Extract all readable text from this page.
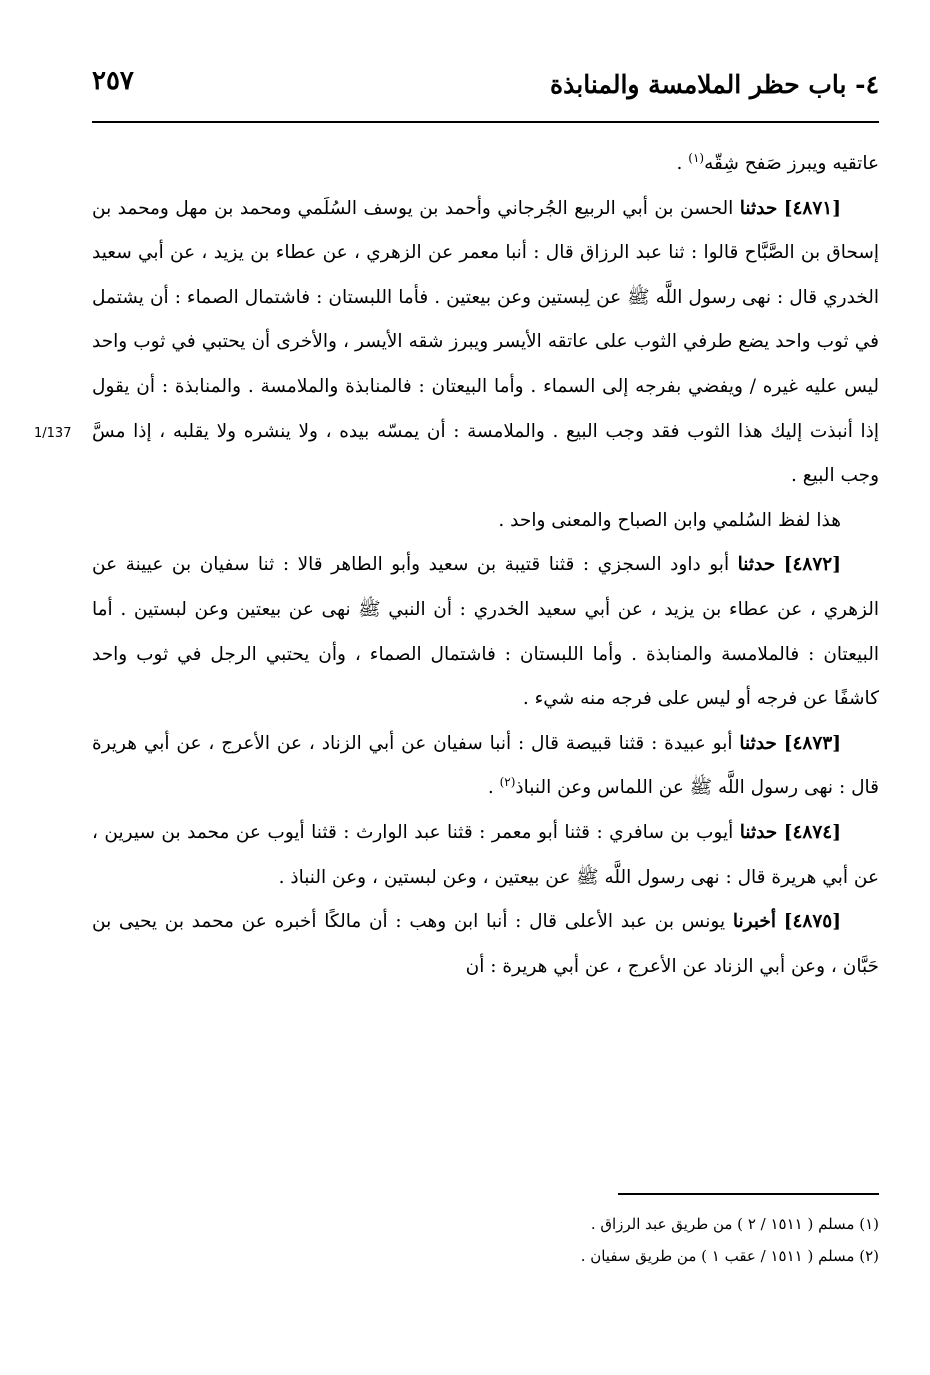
٤- باب حظر الملامسة والمنابذة
٢٥٧
1/137

عاتقيه ويبرز صَفح شِقّه$^{(١)}$ .

[٤٨٧١] حدثنا الحسن بن أبي الربيع الجُرجاني وأحمد بن يوسف السُلَمي ومحمد بن مهل ومحمد بن إسحاق بن الصَّبَّاح قالوا : ثنا عبد الرزاق قال : أنبا معمر عن الزهري ، عن عطاء بن يزيد ، عن أبي سعيد الخدري قال : نهى رسول اللَّه ﷺ عن لِبستين وعن بيعتين . فأما اللبستان : فاشتمال الصماء : أن يشتمل في ثوب واحد يضع طرفي الثوب على عاتقه الأيسر ويبرز شقه الأيسر ، والأخرى أن يحتبي في ثوب واحد ليس عليه غيره / ويفضي بفرجه إلى السماء . وأما البيعتان : فالمنابذة والملامسة . والمنابذة : أن يقول إذا أنبذت إليك هذا الثوب فقد وجب البيع . والملامسة : أن يمسّه بيده ، ولا ينشره ولا يقلبه ، إذا مسَّ وجب البيع .

هذا لفظ السُلمي وابن الصباح والمعنى واحد .

[٤٨٧٢] حدثنا أبو داود السجزي : قثنا قتيبة بن سعيد وأبو الطاهر قالا : ثنا سفيان بن عيينة عن الزهري ، عن عطاء بن يزيد ، عن أبي سعيد الخدري : أن النبي ﷺ نهى عن بيعتين وعن لبستين . أما البيعتان : فالملامسة والمنابذة . وأما اللبستان : فاشتمال الصماء ، وأن يحتبي الرجل في ثوب واحد كاشفًا عن فرجه أو ليس على فرجه منه شيء .

[٤٨٧٣] حدثنا أبو عبيدة : قثنا قبيصة قال : أنبا سفيان عن أبي الزناد ، عن الأعرج ، عن أبي هريرة قال : نهى رسول اللَّه ﷺ عن اللماس وعن النباذ$^{(٢)}$ .

[٤٨٧٤] حدثنا أيوب بن سافري : قثنا أبو معمر : قثنا عبد الوارث : قثنا أيوب عن محمد بن سيرين ، عن أبي هريرة قال : نهى رسول اللَّه ﷺ عن بيعتين ، وعن لبستين ، وعن النباذ .

[٤٨٧٥] أخبرنا يونس بن عبد الأعلى قال : أنبا ابن وهب : أن مالكًا أخبره عن محمد بن يحيى بن حَبَّان ، وعن أبي الزناد عن الأعرج ، عن أبي هريرة : أن

(١) مسلم ( ١٥١١ / ٢ ) من طريق عبد الرزاق .

(٢) مسلم ( ١٥١١ / عقب ١ ) من طريق سفيان .
